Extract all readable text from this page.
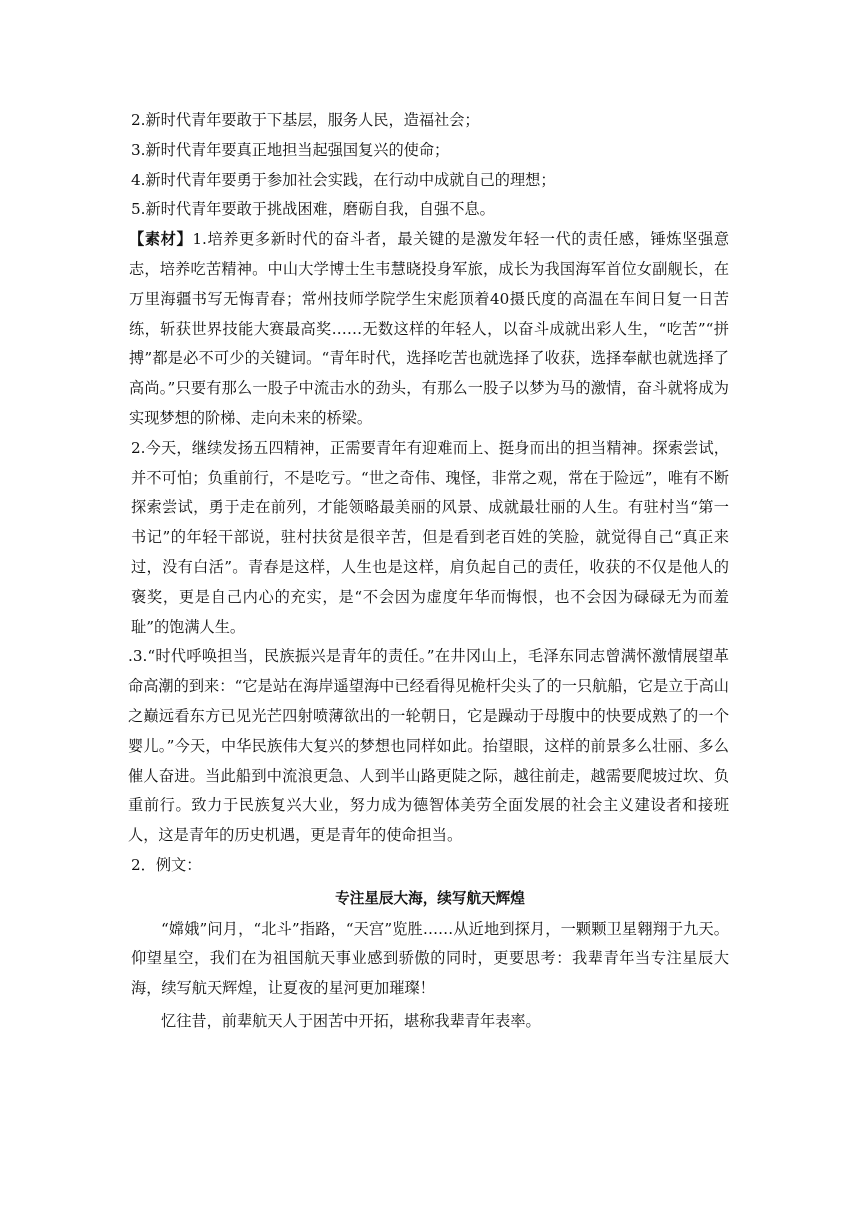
2.新时代青年要敢于下基层，服务人民，造福社会；
3.新时代青年要真正地担当起强国复兴的使命；
4.新时代青年要勇于参加社会实践，在行动中成就自己的理想；
5.新时代青年要敢于挑战困难，磨砺自我，自强不息。

【素材】1.培养更多新时代的奋斗者，最关键的是激发年轻一代的责任感，锤炼坚强意志，培养吃苦精神。中山大学博士生韦慧晓投身军旅，成长为我国海军首位女副舰长，在万里海疆书写无悔青春；常州技师学院学生宋彪顶着40摄氏度的高温在车间日复一日苦练，斩获世界技能大赛最高奖……无数这样的年轻人，以奋斗成就出彩人生，“吃苦”“拼搏”都是必不可少的关键词。“青年时代，选择吃苦也就选择了收获，选择奉献也就选择了高尚。”只要有那么一股子中流击水的劲头，有那么一股子以梦为马的激情，奋斗就将成为实现梦想的阶梯、走向未来的桥梁。

2.今天，继续发扬五四精神，正需要青年有迎难而上、挺身而出的担当精神。探索尝试，并不可怕；负重前行，不是吃亏。“世之奇伟、瑰怪，非常之观，常在于险远”，唯有不断探索尝试，勇于走在前列，才能领略最美丽的风景、成就最壮丽的人生。有驻村当“第一书记”的年轻干部说，驻村扶贫是很辛苦，但是看到老百姓的笑脸，就觉得自己“真正来过，没有白活”。青春是这样，人生也是这样，肩负起自己的责任，收获的不仅是他人的褒奖，更是自己内心的充实，是“不会因为虚度年华而悔恨，也不会因为碌碌无为而羞耻”的饱满人生。

.3.“时代呼唤担当，民族振兴是青年的责任。”在井冈山上，毛泽东同志曾满怀激情展望革命高潮的到来：“它是站在海岸遥望海中已经看得见桅杆尖头了的一只航船，它是立于高山之巅远看东方已见光芒四射喷薄欲出的一轮朝日，它是躁动于母腹中的快要成熟了的一个婴儿。”今天，中华民族伟大复兴的梦想也同样如此。抬望眼，这样的前景多么壮丽、多么催人奋进。当此船到中流浪更急、人到半山路更陡之际，越往前走，越需要爬坡过坎、负重前行。致力于民族复兴大业，努力成为德智体美劳全面发展的社会主义建设者和接班人，这是青年的历史机遇，更是青年的使命担当。

2．例文：
专注星辰大海，续写航天辉煌

“嫦娥”问月，“北斗”指路，“天宫”览胜……从近地到探月，一颗颗卫星翱翔于九天。仰望星空，我们在为祖国航天事业感到骄傲的同时，更要思考：我辈青年当专注星辰大海，续写航天辉煌，让夏夜的星河更加璀璨！

忆往昔，前辈航天人于困苦中开拓，堪称我辈青年表率。
